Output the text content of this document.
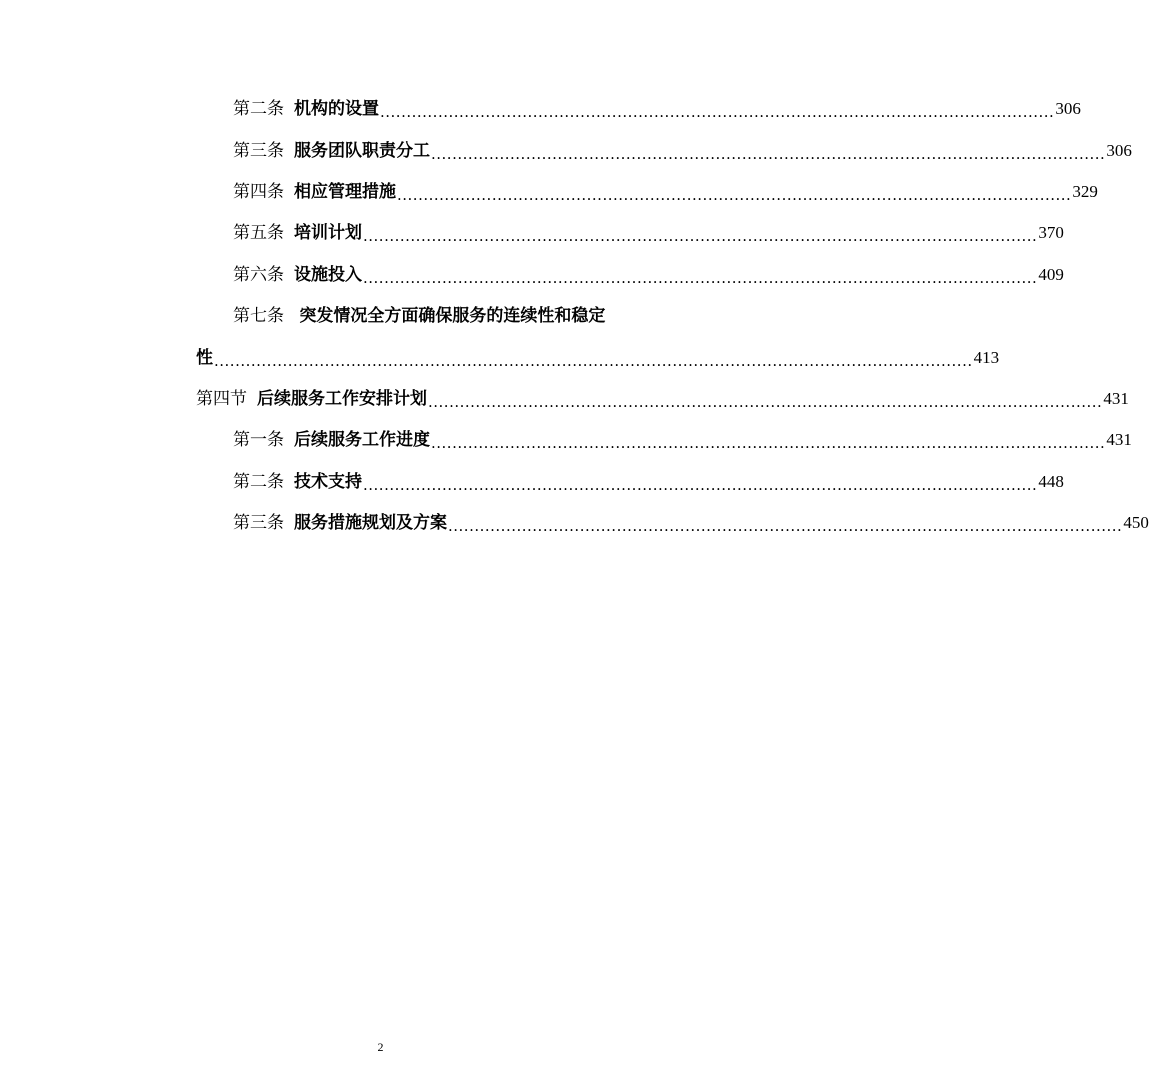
第二条 机构的设置 ................................................................................................................................ 306
第三条 服务团队职责分工 ................................................................................................................................ 306
第四条 相应管理措施 ................................................................................................................................ 329
第五条 培训计划 ................................................................................................................................ 370
第六条 设施投入 ................................................................................................................................ 409
第七条 突发情况全方面确保服务的连续性和稳定
性 ................................................................................................................................................ 413
第四节 后续服务工作安排计划 ................................................................................................................................ 431
第一条 后续服务工作进度 ................................................................................................................................ 431
第二条 技术支持 ................................................................................................................................ 448
第三条 服务措施规划及方案 ................................................................................................................................ 450
2
